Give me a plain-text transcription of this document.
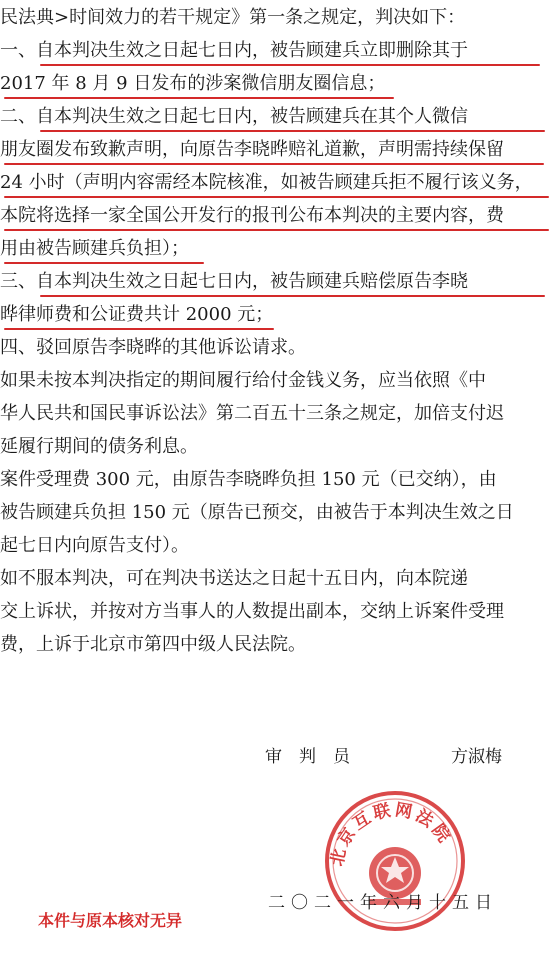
民法典>时间效力的若干规定》第一条之规定，判决如下：
一、自本判决生效之日起七日内，被告顾建兵立即删除其于
2017 年 8 月 9 日发布的涉案微信朋友圈信息；
二、自本判决生效之日起七日内，被告顾建兵在其个人微信
朋友圈发布致歉声明，向原告李晓晔赔礼道歉，声明需持续保留
24 小时（声明内容需经本院核准，如被告顾建兵拒不履行该义务，
本院将选择一家全国公开发行的报刊公布本判决的主要内容，费
用由被告顾建兵负担）；
三、自本判决生效之日起七日内，被告顾建兵赔偿原告李晓
晔律师费和公证费共计 2000 元；
四、驳回原告李晓晔的其他诉讼请求。
如果未按本判决指定的期间履行给付金钱义务，应当依照《中
华人民共和国民事诉讼法》第二百五十三条之规定，加倍支付迟
延履行期间的债务利息。
案件受理费 300 元，由原告李晓晔负担 150 元（已交纳），由
被告顾建兵负担 150 元（原告已预交，由被告于本判决生效之日
起七日内向原告支付）。
如不服本判决，可在判决书送达之日起十五日内，向本院递
交上诉状，并按对方当事人的人数提出副本，交纳上诉案件受理
费，上诉于北京市第四中级人民法院。
审　判　员	方淑梅
北京互联网法院
二〇二一年六月十五日
本件与原本核对无异
